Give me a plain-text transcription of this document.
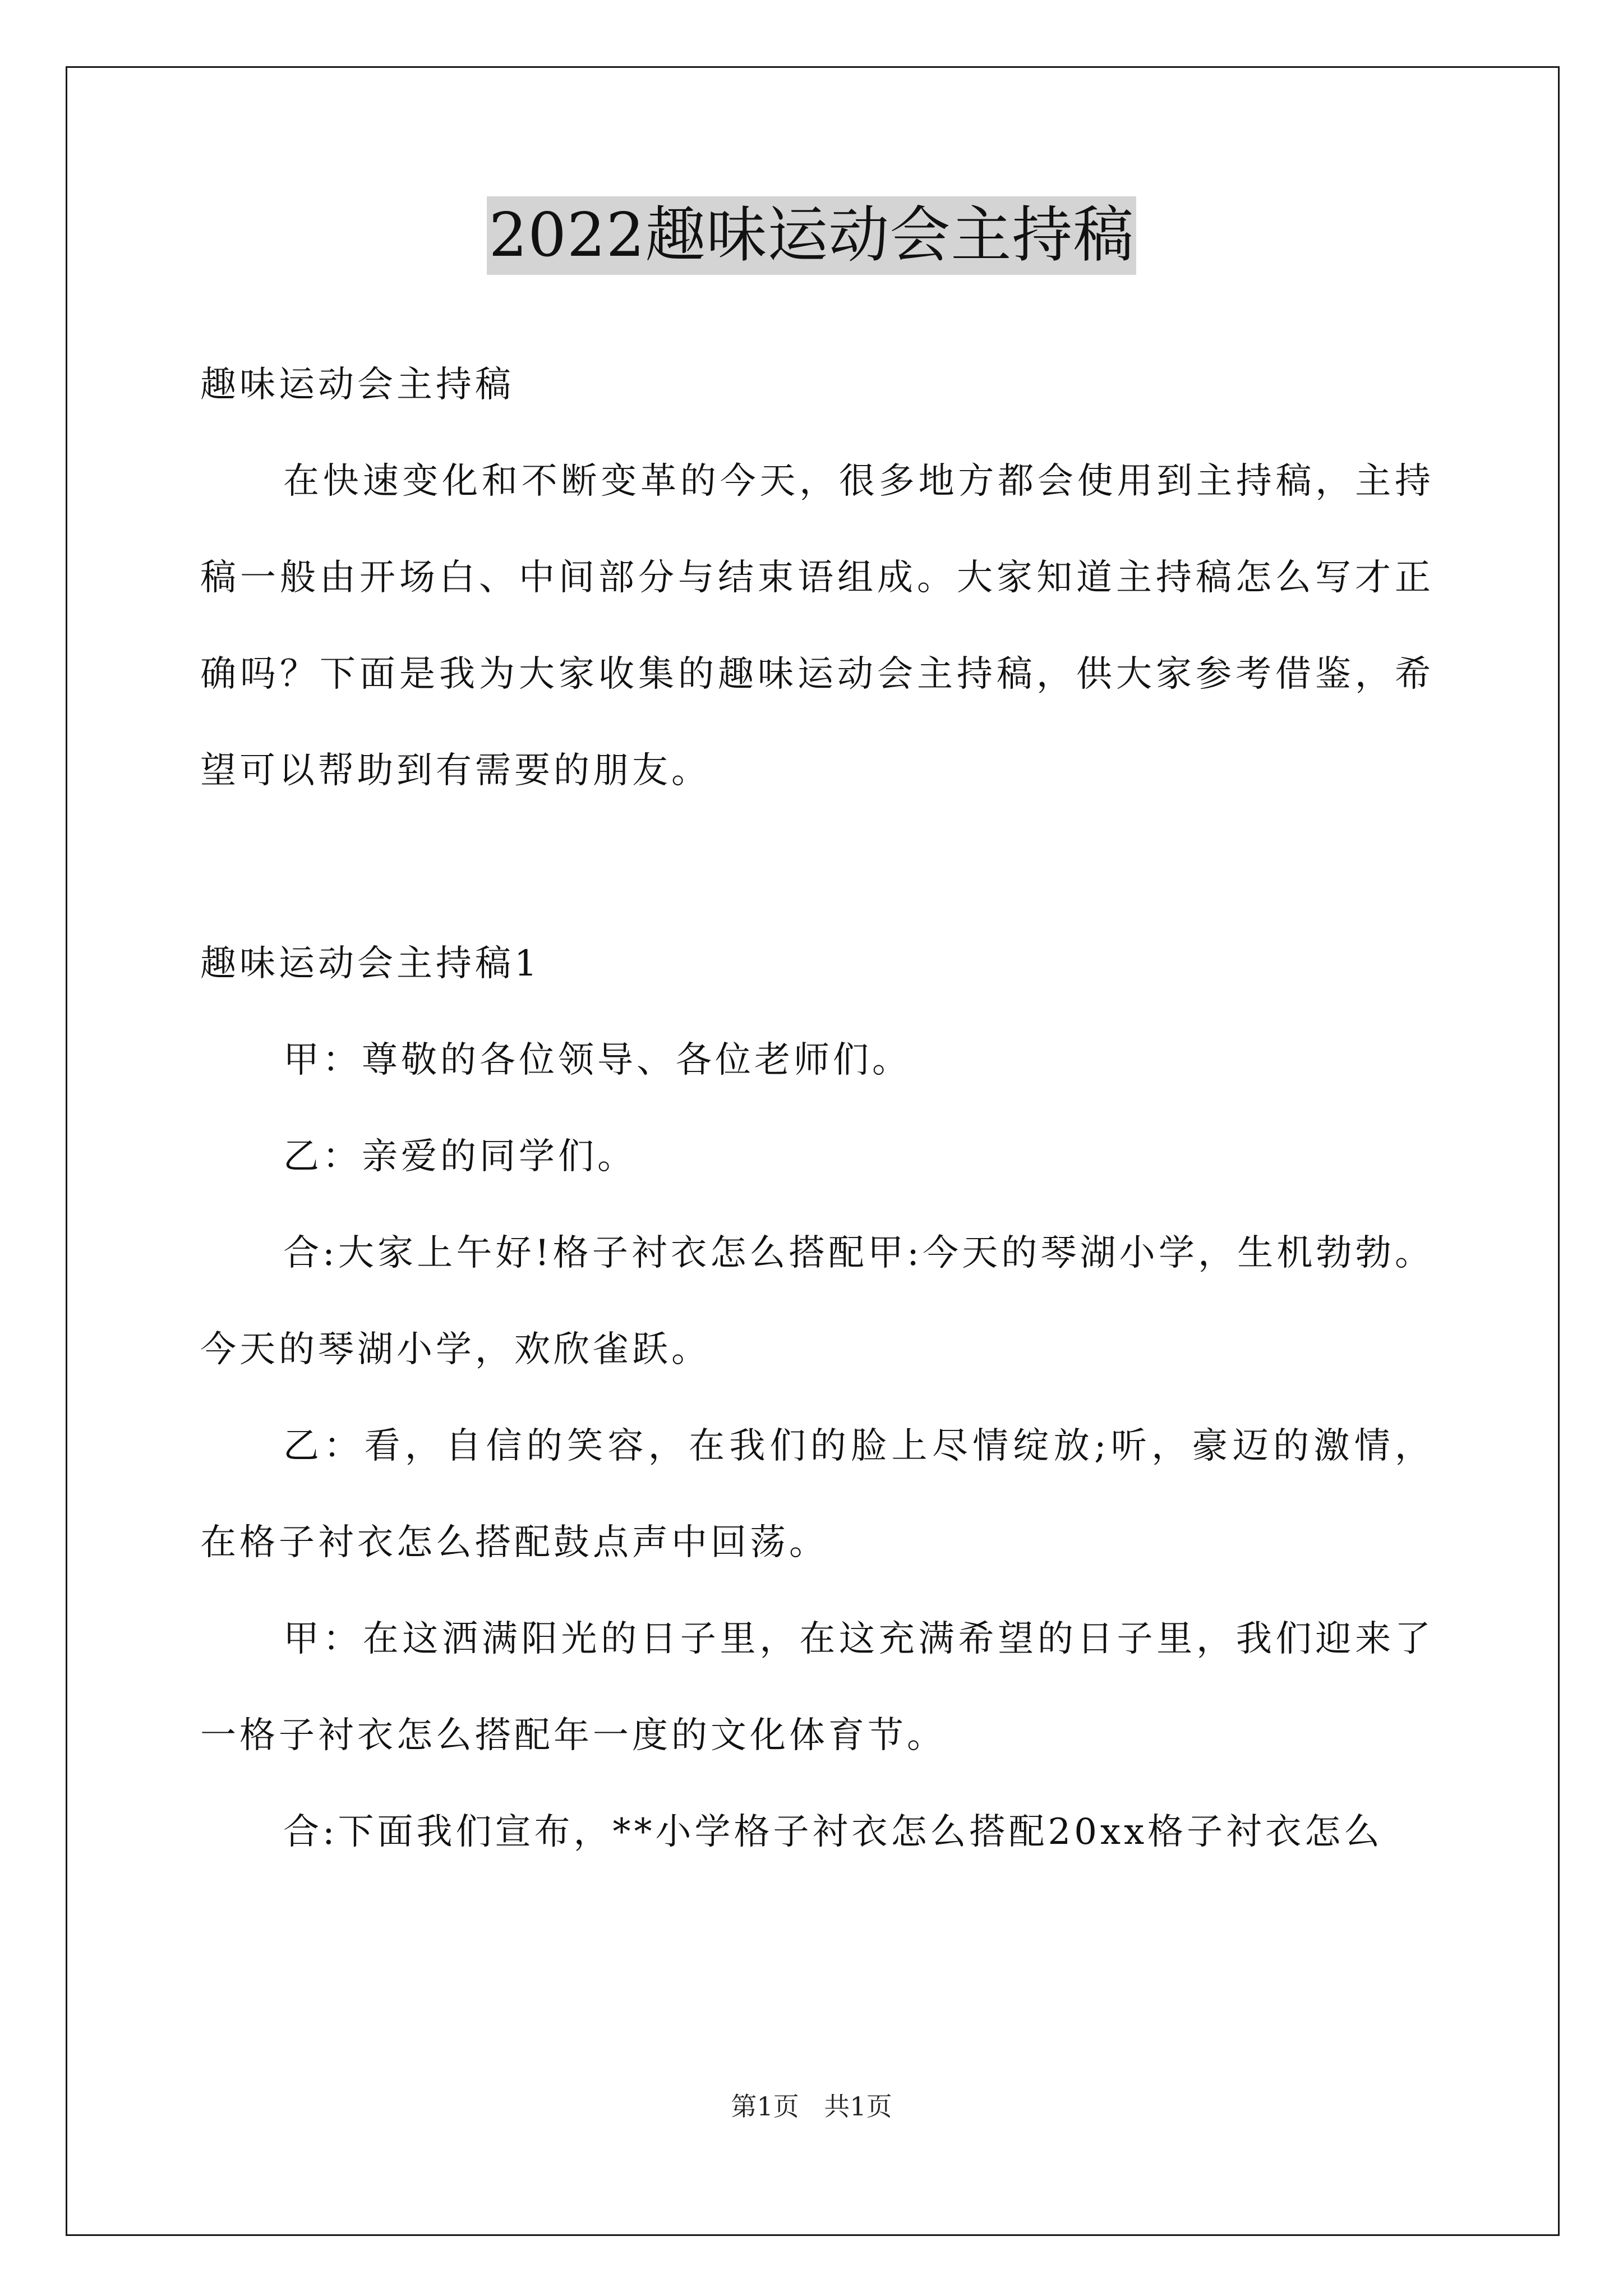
2022趣味运动会主持稿

趣味运动会主持稿

在快速变化和不断变革的今天，很多地方都会使用到主持稿，主持稿一般由开场白、中间部分与结束语组成。大家知道主持稿怎么写才正确吗？下面是我为大家收集的趣味运动会主持稿，供大家参考借鉴，希望可以帮助到有需要的朋友。

趣味运动会主持稿1

甲：尊敬的各位领导、各位老师们。

乙：亲爱的同学们。

合:大家上午好!格子衬衣怎么搭配甲:今天的琴湖小学，生机勃勃。今天的琴湖小学，欢欣雀跃。

乙：看，自信的笑容，在我们的脸上尽情绽放;听，豪迈的激情，在格子衬衣怎么搭配鼓点声中回荡。

甲：在这洒满阳光的日子里，在这充满希望的日子里，我们迎来了一格子衬衣怎么搭配年一度的文化体育节。

合:下面我们宣布，**小学格子衬衣怎么搭配20xx格子衬衣怎么

第1页 共1页
